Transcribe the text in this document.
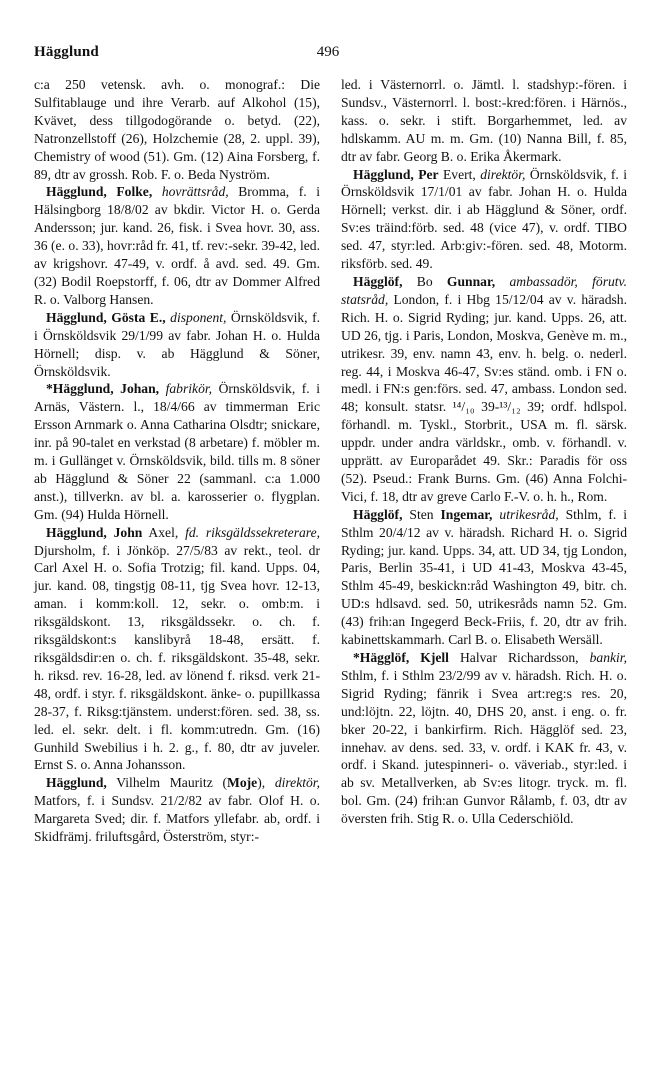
Hägglund	496

c:a 250 vetensk. avh. o. monograf.: Die Sulfitablauge und ihre Verarb. auf Alkohol (15), Kvävet, dess tillgodogörande o. betyd. (22), Natronzellstoff (26), Holzchemie (28, 2. uppl. 39), Chemistry of wood (51). Gm. (12) Aina Forsberg, f. 89, dtr av grossh. Rob. F. o. Beda Nyström.

Hägglund, Folke, hovrättsråd, Bromma, f. i Hälsingborg 18/8/02 av bkdir. Victor H. o. Gerda Andersson; jur. kand. 26, fisk. i Svea hovr. 30, ass. 36 (e. o. 33), hovr:råd fr. 41, tf. rev:-sekr. 39-42, led. av krigshovr. 47-49, v. ordf. å avd. sed. 49. Gm. (32) Bodil Roepstorff, f. 06, dtr av Dommer Alfred R. o. Valborg Hansen.

Hägglund, Gösta E., disponent, Örnsköldsvik, f. i Örnsköldsvik 29/1/99 av fabr. Johan H. o. Hulda Hörnell; disp. v. ab Hägglund & Söner, Örnsköldsvik.

*Hägglund, Johan, fabrikör, Örnsköldsvik, f. i Arnäs, Västern. l., 18/4/66 av timmerman Eric Ersson Arnmark o. Anna Catharina Olsdtr; snickare, inr. på 90-talet en verkstad (8 arbetare) f. möbler m. m. i Gullänget v. Örnsköldsvik, bild. tills m. 8 söner ab Hägglund & Söner 22 (sammanl. c:a 1.000 anst.), tillverkn. av bl. a. karosserier o. flygplan. Gm. (94) Hulda Hörnell.

Hägglund, John Axel, fd. riksgäldssekreterare, Djursholm, f. i Jönköp. 27/5/83 av rekt., teol. dr Carl Axel H. o. Sofia Trotzig; fil. kand. Upps. 04, jur. kand. 08, tingstjg 08-11, tjg Svea hovr. 12-13, aman. i komm:koll. 12, sekr. o. omb:m. i riksgäldskont. 13, riksgäldssekr. o. ch. f. riksgäldskont:s kanslibyrå 18-48, ersätt. f. riksgäldsdir:en o. ch. f. riksgäldskont. 35-48, sekr. h. riksd. rev. 16-28, led. av lönend f. riksd. verk 21-48, ordf. i styr. f. riksgäldskont. änke- o. pupillkassa 28-37, f. Riksg:tjänstem. underst:fören. sed. 38, ss. led. el. sekr. delt. i fl. komm:utredn. Gm. (16) Gunhild Swebilius i h. 2. g., f. 80, dtr av juveler. Ernst S. o. Anna Johansson.

Hägglund, Vilhelm Mauritz (Moje), direktör, Matfors, f. i Sundsv. 21/2/82 av fabr. Olof H. o. Margareta Sved; dir. f. Matfors yllefabr. ab, ordf. i Skidfrämj. friluftsgård, Österström, styr:-

led. i Västernorrl. o. Jämtl. l. stadshyp:-fören. i Sundsv., Västernorrl. l. bost:-kred:fören. i Härnös., kass. o. sekr. i stift. Borgarhemmet, led. av hdlskamm. AU m. m. Gm. (10) Nanna Bill, f. 85, dtr av fabr. Georg B. o. Erika Åkermark.

Hägglund, Per Evert, direktör, Örnsköldsvik, f. i Örnsköldsvik 17/1/01 av fabr. Johan H. o. Hulda Hörnell; verkst. dir. i ab Hägglund & Söner, ordf. Sv:es träind:förb. sed. 48 (vice 47), v. ordf. TIBO sed. 47, styr:led. Arb:giv:-fören. sed. 48, Motorm. riksförb. sed. 49.

Hägglöf, Bo Gunnar, ambassadör, förutv. statsråd, London, f. i Hbg 15/12/04 av v. häradsh. Rich. H. o. Sigrid Ryding; jur. kand. Upps. 26, att. UD 26, tjg. i Paris, London, Moskva, Genève m. m., utrikesr. 39, env. namn 43, env. h. belg. o. nederl. reg. 44, i Moskva 46-47, Sv:es ständ. omb. i FN o. medl. i FN:s gen:förs. sed. 47, ambass. London sed. 48; konsult. statsr. ¹⁴/₁₀ 39-¹³/₁₂ 39; ordf. hdlspol. förhandl. m. Tyskl., Storbrit., USA m. fl. särsk. uppdr. under andra världskr., omb. v. förhandl. v. upprätt. av Europarådet 49. Skr.: Paradis för oss (52). Pseud.: Frank Burns. Gm. (46) Anna Folchi-Vici, f. 18, dtr av greve Carlo F.-V. o. h. h., Rom.

Hägglöf, Sten Ingemar, utrikesråd, Sthlm, f. i Sthlm 20/4/12 av v. häradsh. Richard H. o. Sigrid Ryding; jur. kand. Upps. 34, att. UD 34, tjg London, Paris, Berlin 35-41, i UD 41-43, Moskva 43-45, Sthlm 45-49, beskickn:råd Washington 49, bitr. ch. UD:s hdlsavd. sed. 50, utrikesråds namn 52. Gm. (43) frih:an Ingegerd Beck-Friis, f. 20, dtr av frih. kabinettskammarh. Carl B. o. Elisabeth Wersäll.

*Hägglöf, Kjell Halvar Richardsson, bankir, Sthlm, f. i Sthlm 23/2/99 av v. häradsh. Rich. H. o. Sigrid Ryding; fänrik i Svea art:reg:s res. 20, und:löjtn. 22, löjtn. 40, DHS 20, anst. i eng. o. fr. bker 20-22, i bankirfirm. Rich. Hägglöf sed. 23, innehav. av dens. sed. 33, v. ordf. i KAK fr. 43, v. ordf. i Skand. jutespinneri- o. väveriab., styr:led. i ab sv. Metallverken, ab Sv:es litogr. tryck. m. fl. bol. Gm. (24) frih:an Gunvor Rålamb, f. 03, dtr av översten frih. Stig R. o. Ulla Cederschiöld.
